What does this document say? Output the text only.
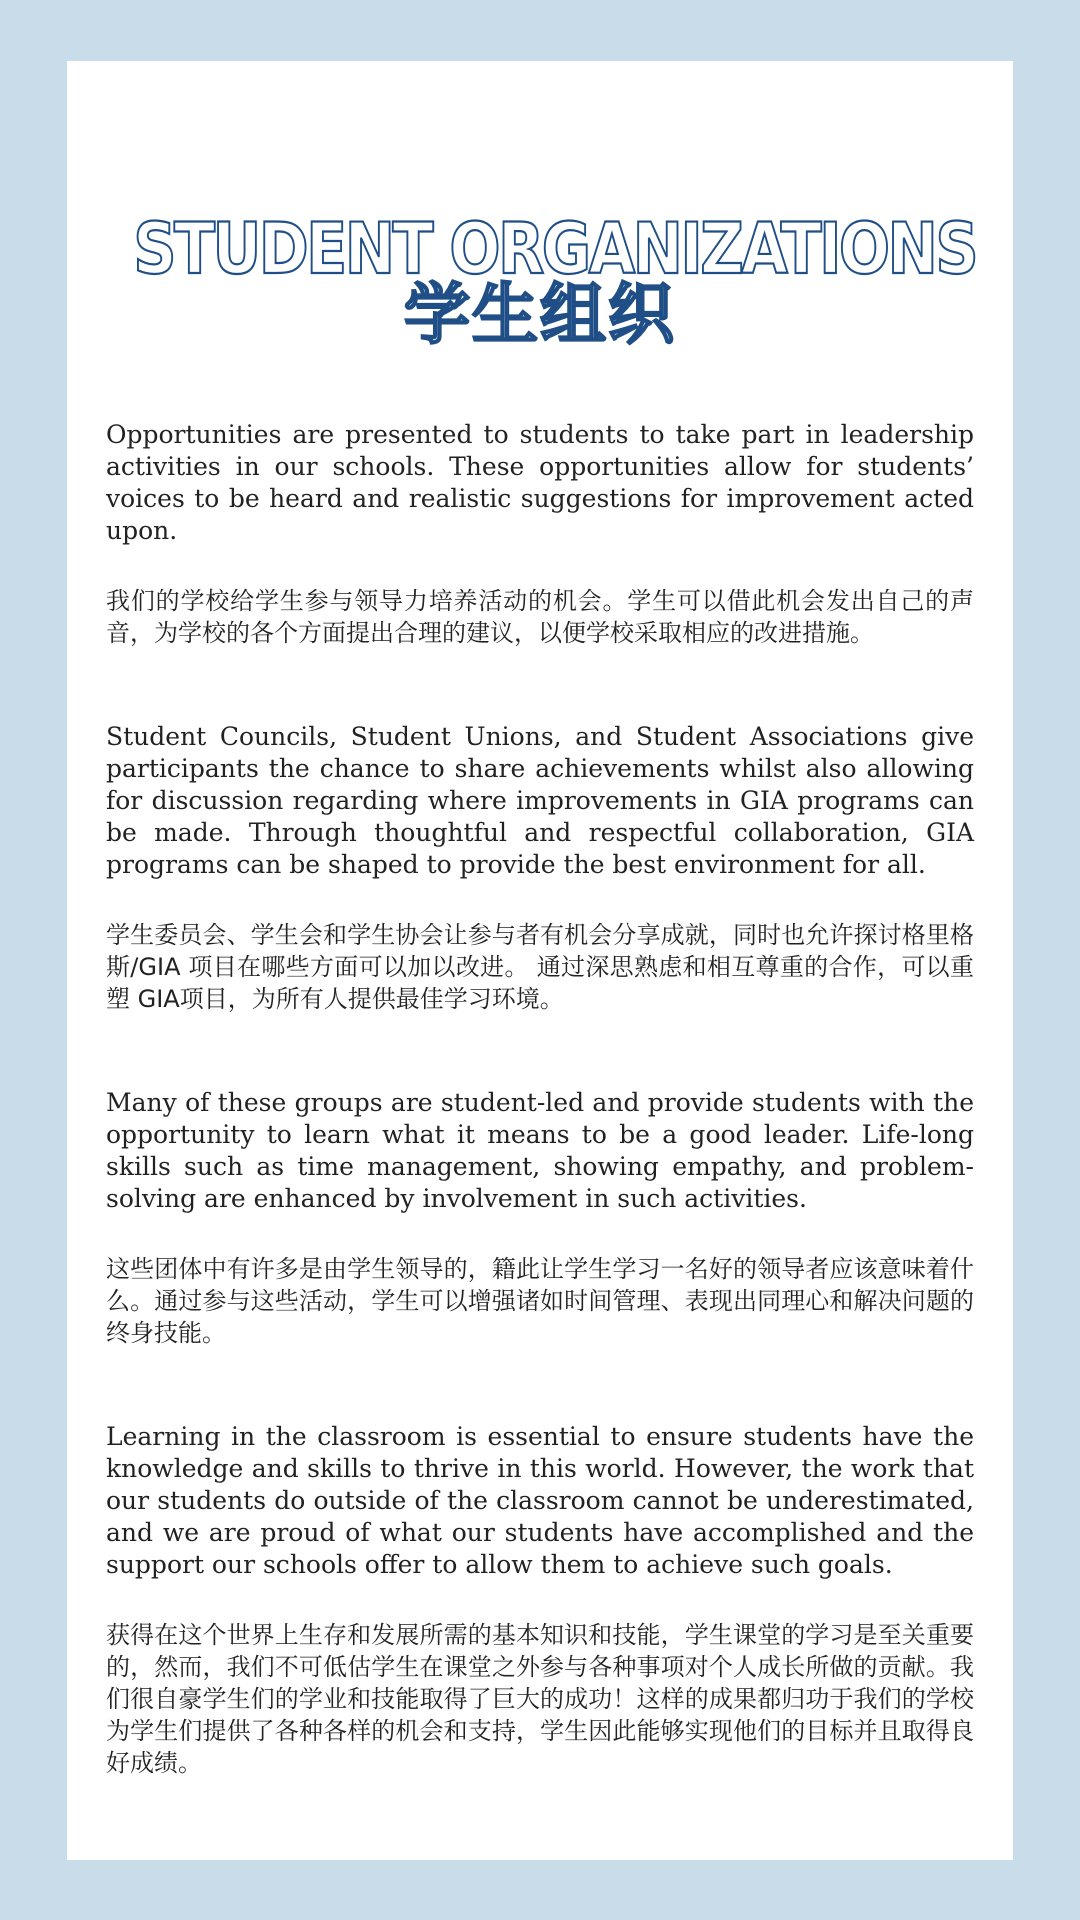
STUDENT ORGANIZATIONS
学生组织

Opportunities are presented to students to take part in leadership activities in our schools. These opportunities allow for students’ voices to be heard and realistic suggestions for improvement acted upon.

我们的学校给学生参与领导力培养活动的机会。学生可以借此机会发出自己的声音，为学校的各个方面提出合理的建议，以便学校采取相应的改进措施。

Student Councils, Student Unions, and Student Associations give participants the chance to share achievements whilst also allowing for discussion regarding where improvements in GIA programs can be made. Through thoughtful and respectful collaboration, GIA programs can be shaped to provide the best environment for all.

学生委员会、学生会和学生协会让参与者有机会分享成就，同时也允许探讨格里格斯/GIA 项目在哪些方面可以加以改进。 通过深思熟虑和相互尊重的合作，可以重塑 GIA项目，为所有人提供最佳学习环境。

Many of these groups are student-led and provide students with the opportunity to learn what it means to be a good leader. Life-long skills such as time management, showing empathy, and problem-solving are enhanced by involvement in such activities.

这些团体中有许多是由学生领导的，籍此让学生学习一名好的领导者应该意味着什么。通过参与这些活动，学生可以增强诸如时间管理、表现出同理心和解决问题的终身技能。

Learning in the classroom is essential to ensure students have the knowledge and skills to thrive in this world. However, the work that our students do outside of the classroom cannot be underestimated, and we are proud of what our students have accomplished and the support our schools offer to allow them to achieve such goals.

获得在这个世界上生存和发展所需的基本知识和技能，学生课堂的学习是至关重要的，然而，我们不可低估学生在课堂之外参与各种事项对个人成长所做的贡献。我们很自豪学生们的学业和技能取得了巨大的成功！这样的成果都归功于我们的学校为学生们提供了各种各样的机会和支持，学生因此能够实现他们的目标并且取得良好成绩。
